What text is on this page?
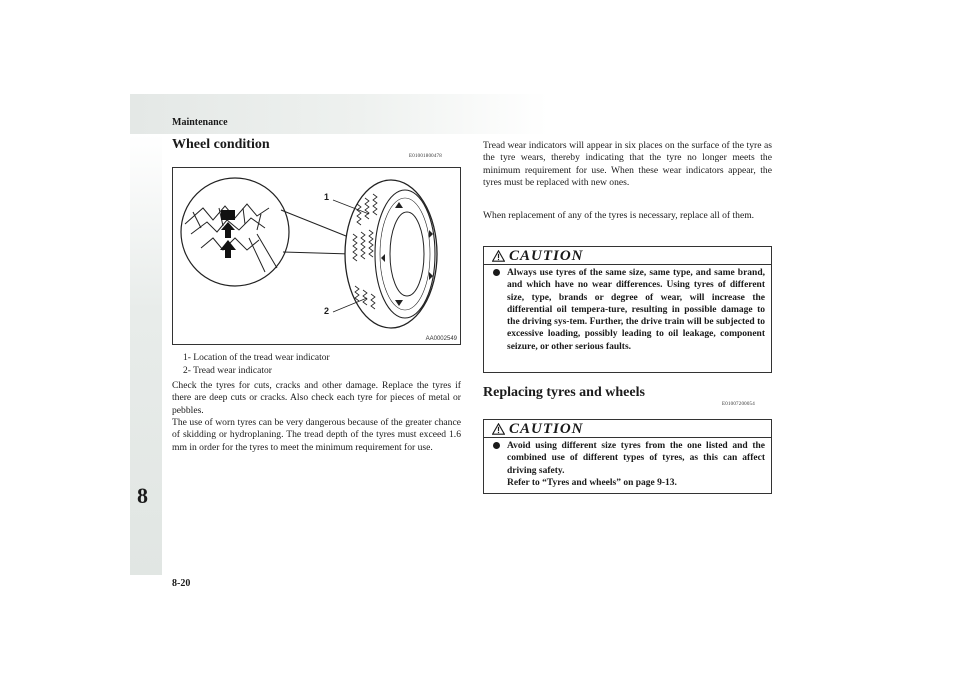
Maintenance
8
8-20
Wheel condition
E01001800478
1
2
AA0002549
1- Location of the tread wear indicator
2- Tread wear indicator

Check the tyres for cuts, cracks and other damage. Replace the tyres if there are deep cuts or cracks. Also check each tyre for pieces of metal or pebbles.

The use of worn tyres can be very dangerous because of the greater chance of skidding or hydroplaning. The tread depth of the tyres must exceed 1.6 mm in order for the tyres to meet the minimum requirement for use.

Tread wear indicators will appear in six places on the surface of the tyre as the tyre wears, thereby indicating that the tyre no longer meets the minimum requirement for use. When these wear indicators appear, the tyres must be replaced with new ones.

When replacement of any of the tyres is necessary, replace all of them.

CAUTION
Always use tyres of the same size, same type, and same brand, and which have no wear differences. Using tyres of different size, type, brands or degree of wear, will increase the differential oil tempera-ture, resulting in possible damage to the driving sys-tem. Further, the drive train will be subjected to excessive loading, possibly leading to oil leakage, component seizure, or other serious faults.
Replacing tyres and wheels
E01007200054
CAUTION
Avoid using different size tyres from the one listed and the combined use of different types of tyres, as this can affect driving safety.
Refer to “Tyres and wheels” on page 9-13.
